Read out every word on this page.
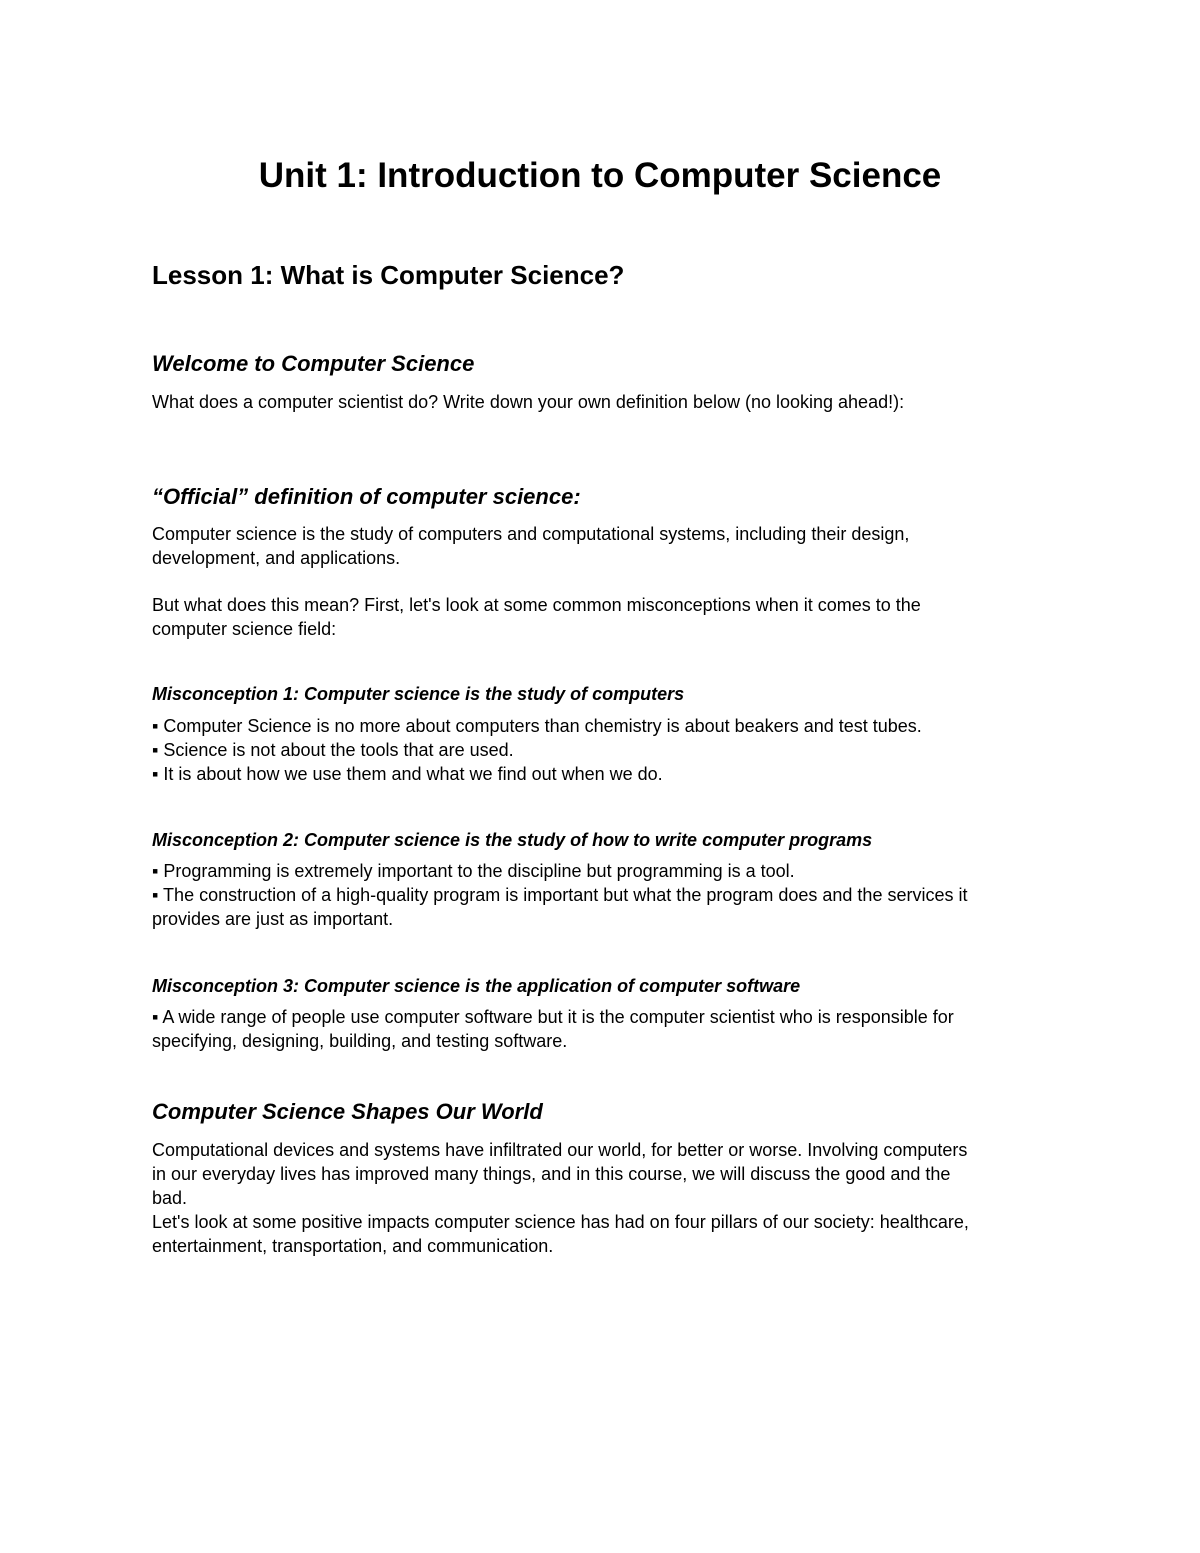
Unit 1: Introduction to Computer Science
Lesson 1: What is Computer Science?
Welcome to Computer Science

What does a computer scientist do? Write down your own definition below (no looking ahead!):

“Official” definition of computer science:
Computer science is the study of computers and computational systems, including their design,
development, and applications.
But what does this mean? First, let's look at some common misconceptions when it comes to the
computer science field:
Misconception 1: Computer science is the study of computers
▪ Computer Science is no more about computers than chemistry is about beakers and test tubes.
▪ Science is not about the tools that are used.
▪ It is about how we use them and what we find out when we do.
Misconception 2: Computer science is the study of how to write computer programs
▪ Programming is extremely important to the discipline but programming is a tool.
▪ The construction of a high-quality program is important but what the program does and the services it
provides are just as important.
Misconception 3: Computer science is the application of computer software
▪ A wide range of people use computer software but it is the computer scientist who is responsible for
specifying, designing, building, and testing software.
Computer Science Shapes Our World
Computational devices and systems have infiltrated our world, for better or worse. Involving computers
in our everyday lives has improved many things, and in this course, we will discuss the good and the
bad.
Let's look at some positive impacts computer science has had on four pillars of our society: healthcare,
entertainment, transportation, and communication.
